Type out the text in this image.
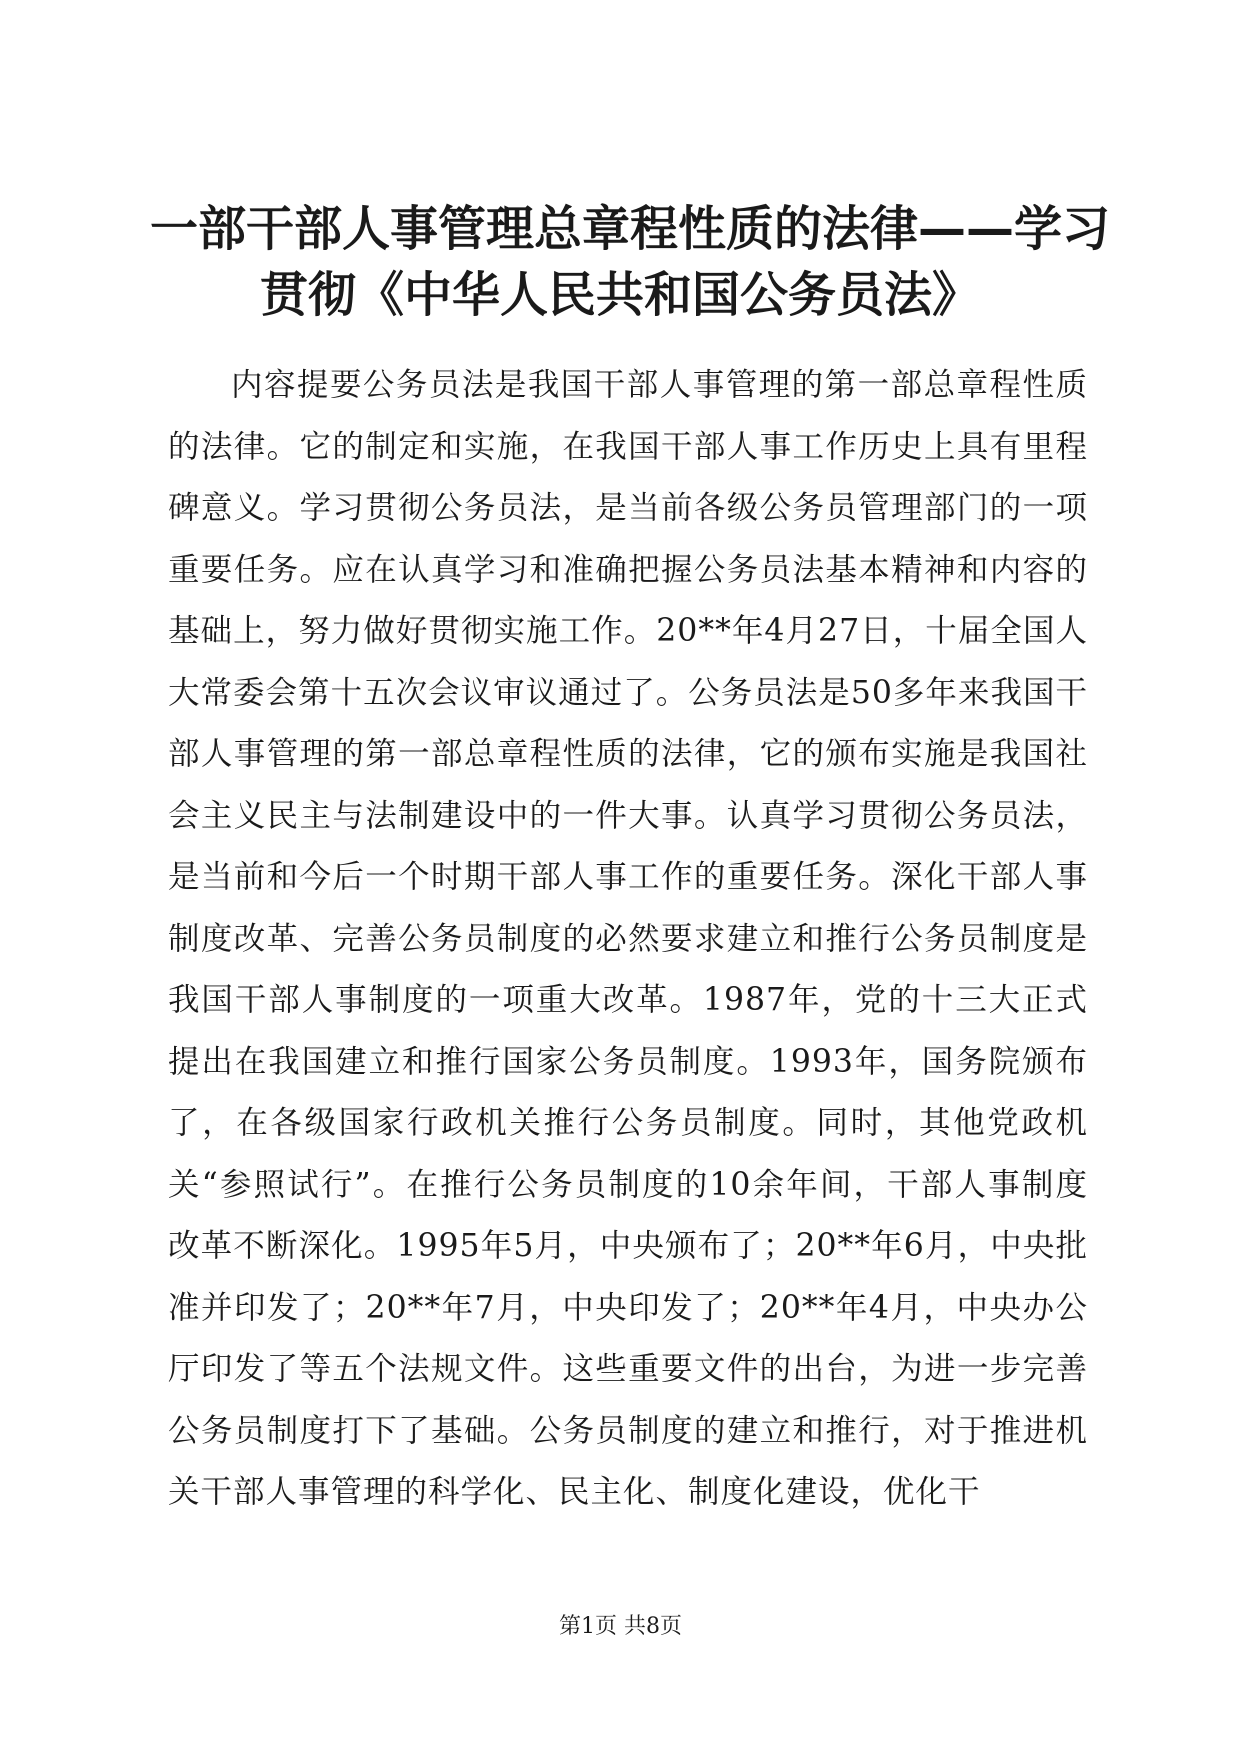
一部干部人事管理总章程性质的法律——学习
贯彻《中华人民共和国公务员法》

内容提要公务员法是我国干部人事管理的第一部总章程性质的法律。它的制定和实施，在我国干部人事工作历史上具有里程碑意义。学习贯彻公务员法，是当前各级公务员管理部门的一项重要任务。应在认真学习和准确把握公务员法基本精神和内容的基础上，努力做好贯彻实施工作。20**年4月27日，十届全国人大常委会第十五次会议审议通过了。公务员法是50多年来我国干部人事管理的第一部总章程性质的法律，它的颁布实施是我国社会主义民主与法制建设中的一件大事。认真学习贯彻公务员法，是当前和今后一个时期干部人事工作的重要任务。深化干部人事制度改革、完善公务员制度的必然要求建立和推行公务员制度是我国干部人事制度的一项重大改革。1987年，党的十三大正式提出在我国建立和推行国家公务员制度。1993年，国务院颁布了，在各级国家行政机关推行公务员制度。同时，其他党政机关“参照试行”。在推行公务员制度的10余年间，干部人事制度改革不断深化。1995年5月，中央颁布了；20**年6月，中央批准并印发了；20**年7月，中央印发了；20**年4月，中央办公厅印发了等五个法规文件。这些重要文件的出台，为进一步完善公务员制度打下了基础。公务员制度的建立和推行，对于推进机关干部人事管理的科学化、民主化、制度化建设，优化干

第1页 共8页
